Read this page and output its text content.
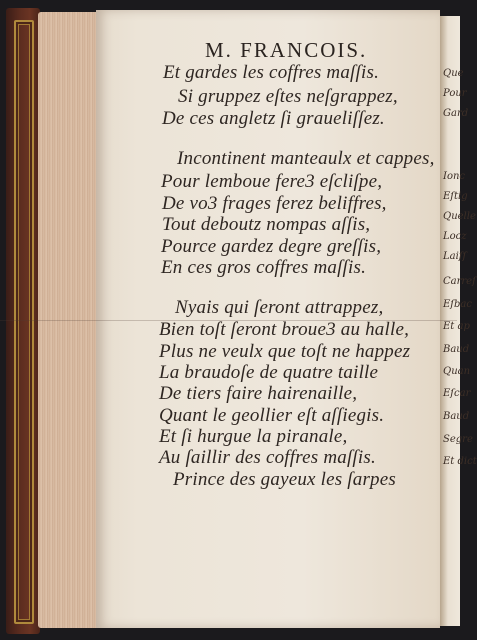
Que
Pour
Gard
Ionc
Eſtig
Quelle
Locz
Laiſſ
Carreſ
Eſbac
Et ap
Baud
Quan
Eſcar
Baud
Segre
Et dict
M. FRANCOIS.
Et gardes les coffres maſſis.
Si gruppez eſtes neſgrappez,
De ces angletz ſi graueliſſez.
Incontinent manteaulx et cappes,
Pour lemboue fere3 eſcliſpe,
De vo3 frages ferez beliffres,
Tout deboutz nompas aſſis,
Pource gardez degre greſſis,
En ces gros coffres maſſis.
Nyais qui ſeront attrappez,
Bien toſt ſeront broue3 au halle,
Plus ne veulx que toſt ne happez
La braudoſe de quatre taille
De tiers faire hairenaille,
Quant le geollier eſt aſſiegis.
Et ſi hurgue la piranale,
Au ſaillir des coffres maſſis.
Prince des gayeux les ſarpes
